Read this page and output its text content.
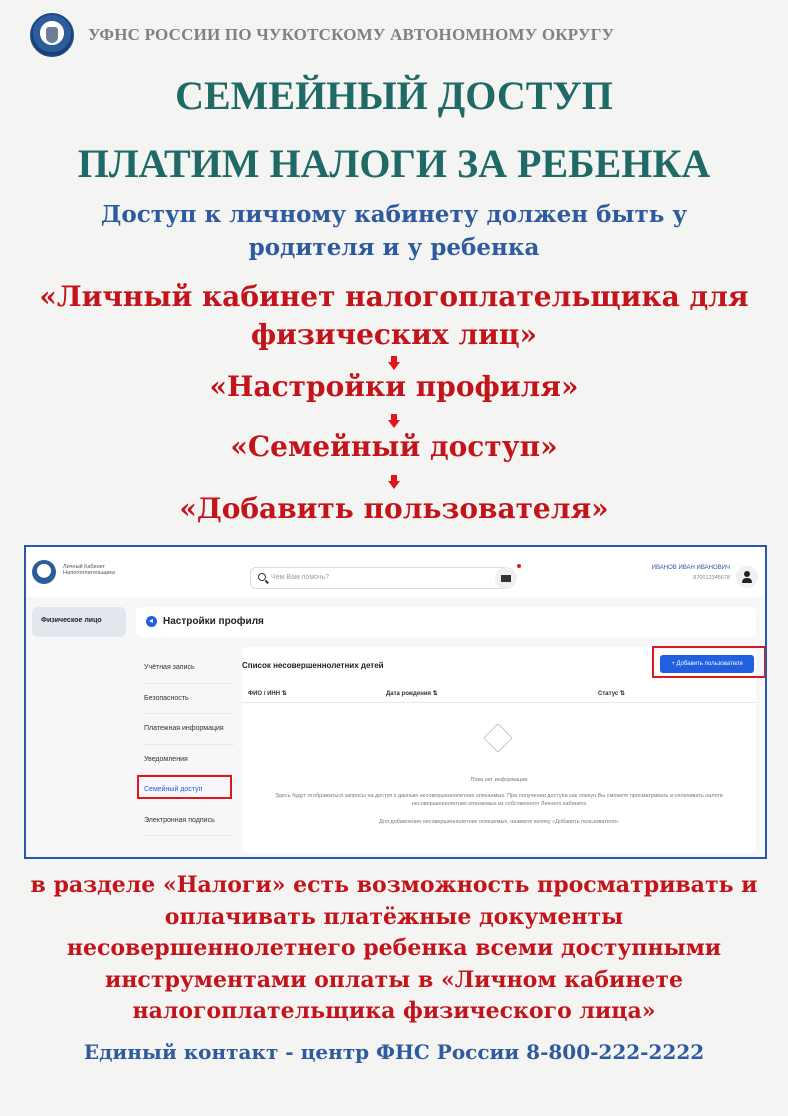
УФНС РОССИИ ПО ЧУКОТСКОМУ АВТОНОМНОМУ ОКРУГУ
СЕМЕЙНЫЙ ДОСТУП
ПЛАТИМ НАЛОГИ ЗА РЕБЕНКА
Доступ к личному кабинету должен быть у родителя и у ребенка
«Личный кабинет налогоплательщика для физических лиц»
«Настройки профиля»
«Семейный доступ»
«Добавить пользователя»
Личный Кабинет Налогоплательщика
Чем Вам помочь?
ИВАНОВ ИВАН ИВАНОВИЧ
870012345678
Физическое лицо	Настройки профиля
Учётная запись
Безопасность
Платежная информация
Уведомления
Семейный доступ
Электронная подпись
Список несовершеннолетних детей	+ Добавить пользователя
ФИО / ИНН ⇅	Дата рождения ⇅	Статус ⇅
Пока нет информации
Здесь будут отображаться запросы на доступ к данным несовершеннолетних опекаемых. При получении доступа как опекун Вы сможете просматривать и оплачивать налоги несовершеннолетних опекаемых из собственного Личного кабинета
Для добавления несовершеннолетних опекаемых, нажмите кнопку «Добавить пользователя»
в разделе «Налоги» есть возможность просматривать и оплачивать платёжные документы несовершеннолетнего ребенка всеми доступными инструментами оплаты в «Личном кабинете налогоплательщика физического лица»
Единый контакт - центр ФНС России 8-800-222-2222
